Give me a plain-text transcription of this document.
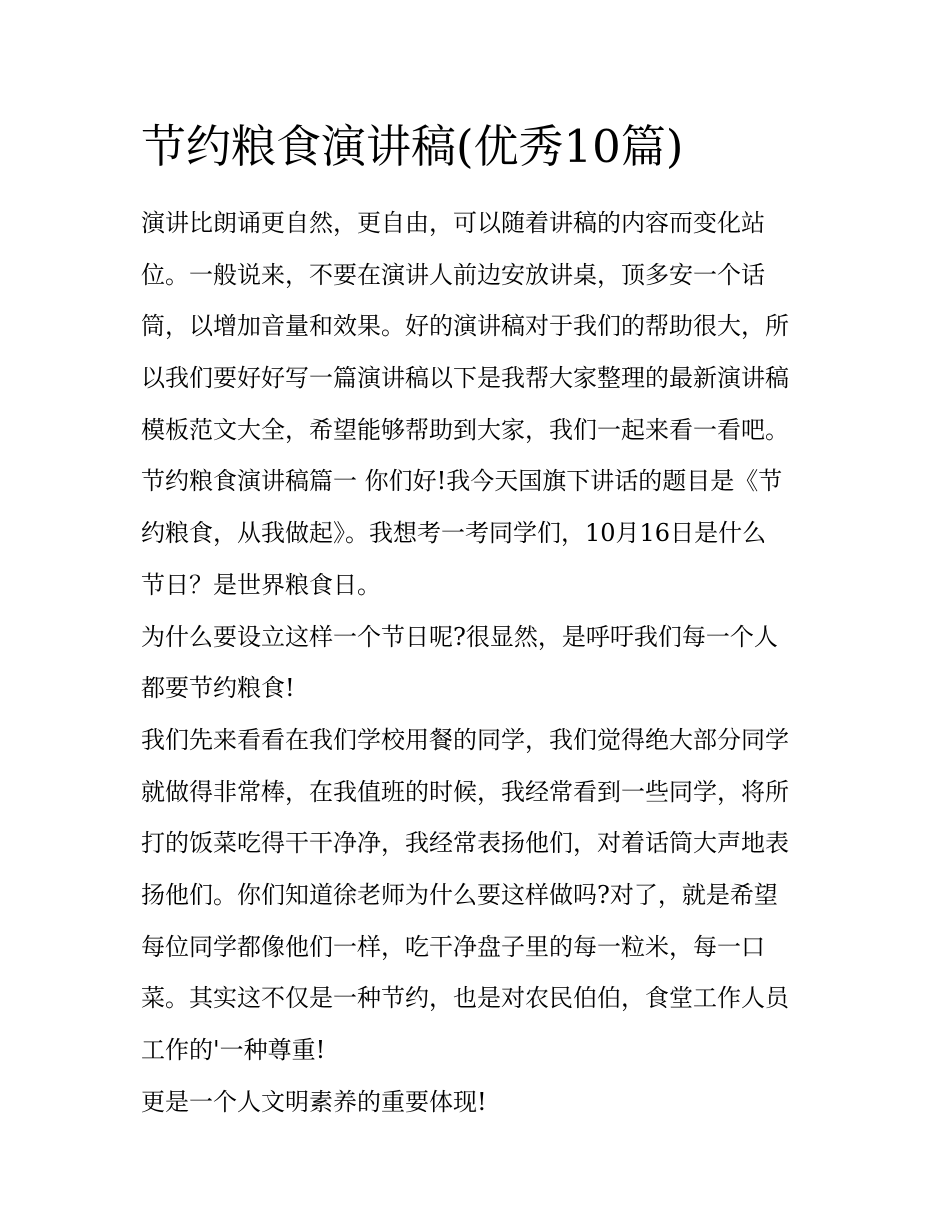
节约粮食演讲稿(优秀10篇)
演讲比朗诵更自然，更自由，可以随着讲稿的内容而变化站
位。一般说来，不要在演讲人前边安放讲桌，顶多安一个话
筒，以增加音量和效果。好的演讲稿对于我们的帮助很大，所
以我们要好好写一篇演讲稿以下是我帮大家整理的最新演讲稿
模板范文大全，希望能够帮助到大家，我们一起来看一看吧。
节约粮食演讲稿篇一 你们好!我今天国旗下讲话的题目是《节
约粮食，从我做起》。我想考一考同学们，10月16日是什么
节日？是世界粮食日。
为什么要设立这样一个节日呢?很显然，是呼吁我们每一个人
都要节约粮食!
我们先来看看在我们学校用餐的同学，我们觉得绝大部分同学
就做得非常棒，在我值班的时候，我经常看到一些同学，将所
打的饭菜吃得干干净净，我经常表扬他们，对着话筒大声地表
扬他们。你们知道徐老师为什么要这样做吗?对了，就是希望
每位同学都像他们一样，吃干净盘子里的每一粒米，每一口
菜。其实这不仅是一种节约，也是对农民伯伯，食堂工作人员
工作的'一种尊重!
更是一个人文明素养的重要体现!
